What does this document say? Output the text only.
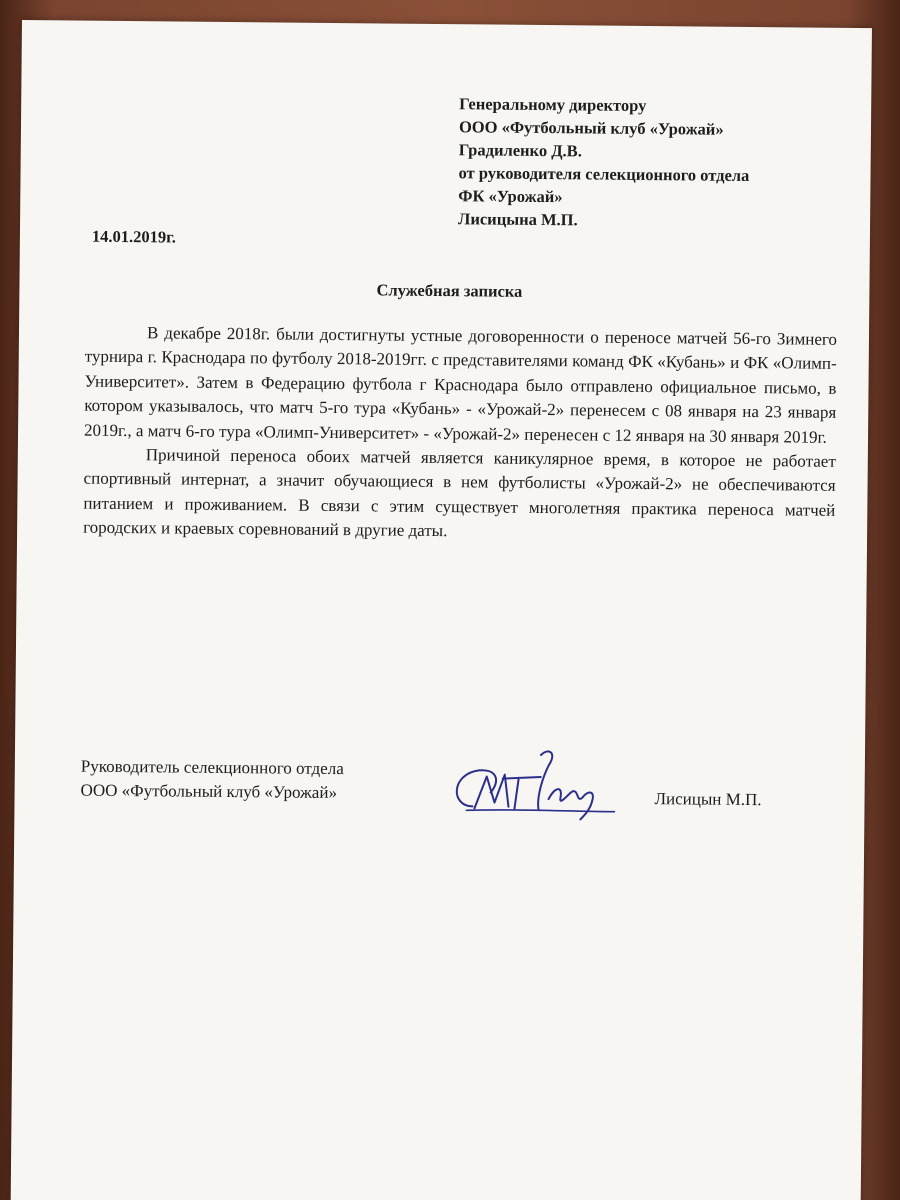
Генеральному директору
ООО «Футбольный клуб «Урожай»
Градиленко Д.В.
от руководителя селекционного отдела
ФК «Урожай»
Лисицына М.П.
14.01.2019г.
Служебная записка

В декабре 2018г. были достигнуты устные договоренности о переносе матчей 56-го Зимнего турнира г. Краснодара по футболу 2018-2019гг. с представителями команд ФК «Кубань» и ФК «Олимп-Университет». Затем в Федерацию футбола г Краснодара было отправлено официальное письмо, в котором указывалось, что матч 5-го тура «Кубань» - «Урожай-2» перенесем с 08 января на 23 января 2019г., а матч 6-го тура «Олимп-Университет» - «Урожай-2» перенесен с 12 января на 30 января 2019г.

Причиной переноса обоих матчей является каникулярное время, в которое не работает спортивный интернат, а значит обучающиеся в нем футболисты «Урожай-2» не обеспечиваются питанием и проживанием. В связи с этим существует многолетняя практика переноса матчей городских и краевых соревнований в другие даты.

Руководитель селекционного отдела
ООО «Футбольный клуб «Урожай»	Лисицын М.П.
